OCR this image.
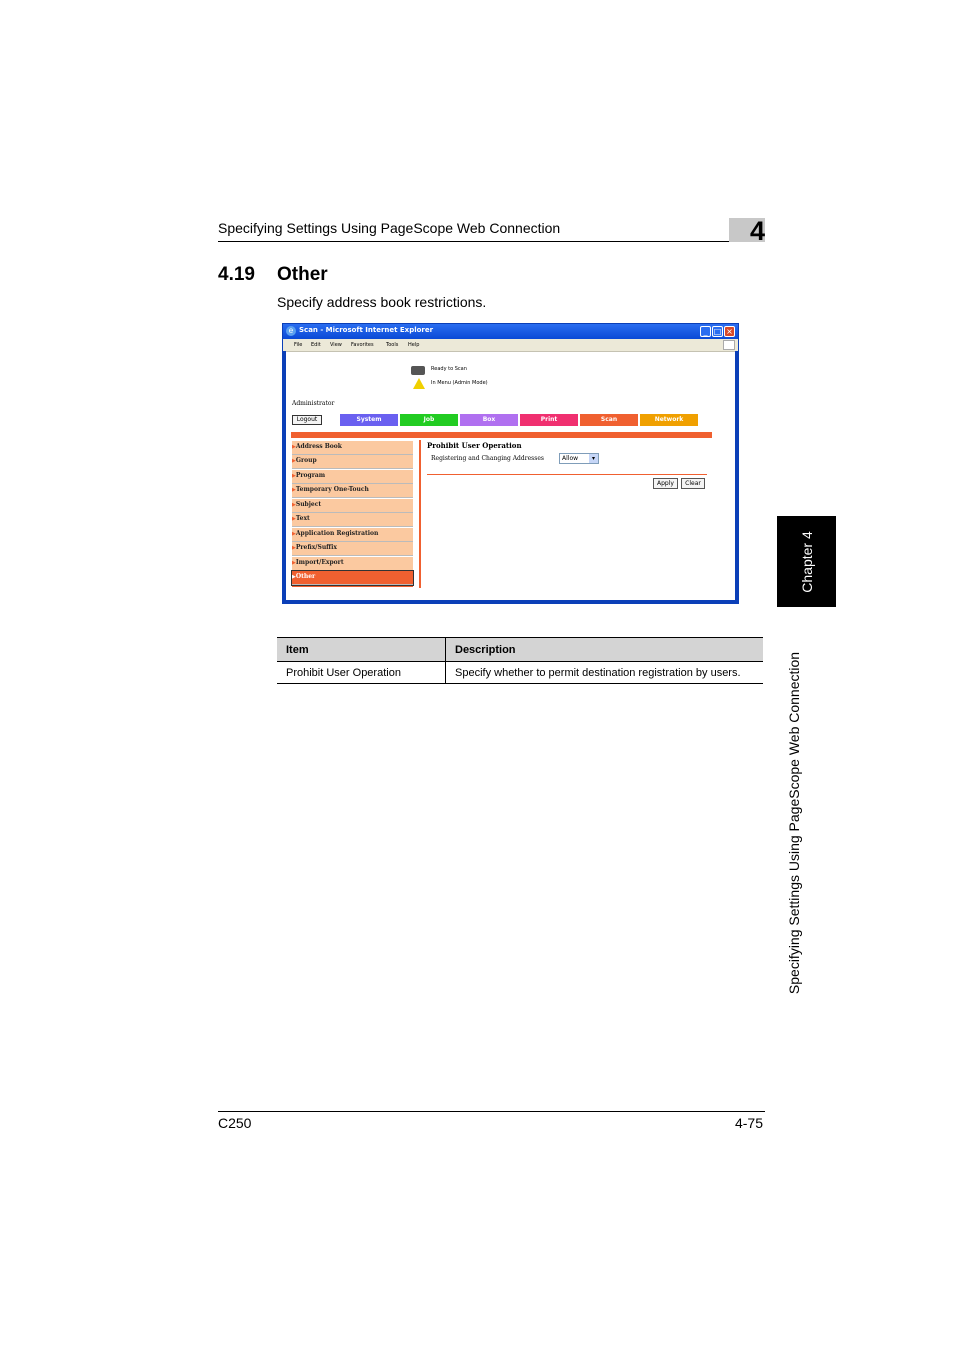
Specifying Settings Using PageScope Web Connection	4
4.19 Other
Specify address book restrictions.
Chapter 4
Specifying Settings Using PageScope Web Connection
e Scan - Microsoft Internet Explorer	_ □ ×
File Edit View Favorites Tools Help
Ready to Scan
In Menu (Admin Mode)
Administrator
Logout	System	Job	Box	Print	Scan	Network
▶Address Book
▶Group
▶Program
▶Temporary One-Touch
▶Subject
▶Text
▶Application Registration
▶Prefix/Suffix
▶Import/Export
▶Other
Prohibit User Operation
Registering and Changing Addresses	Allow	▾
Apply	Clear
Item	Description
Prohibit User Operation	Specify whether to permit destination registration by users.
C250	4-75
